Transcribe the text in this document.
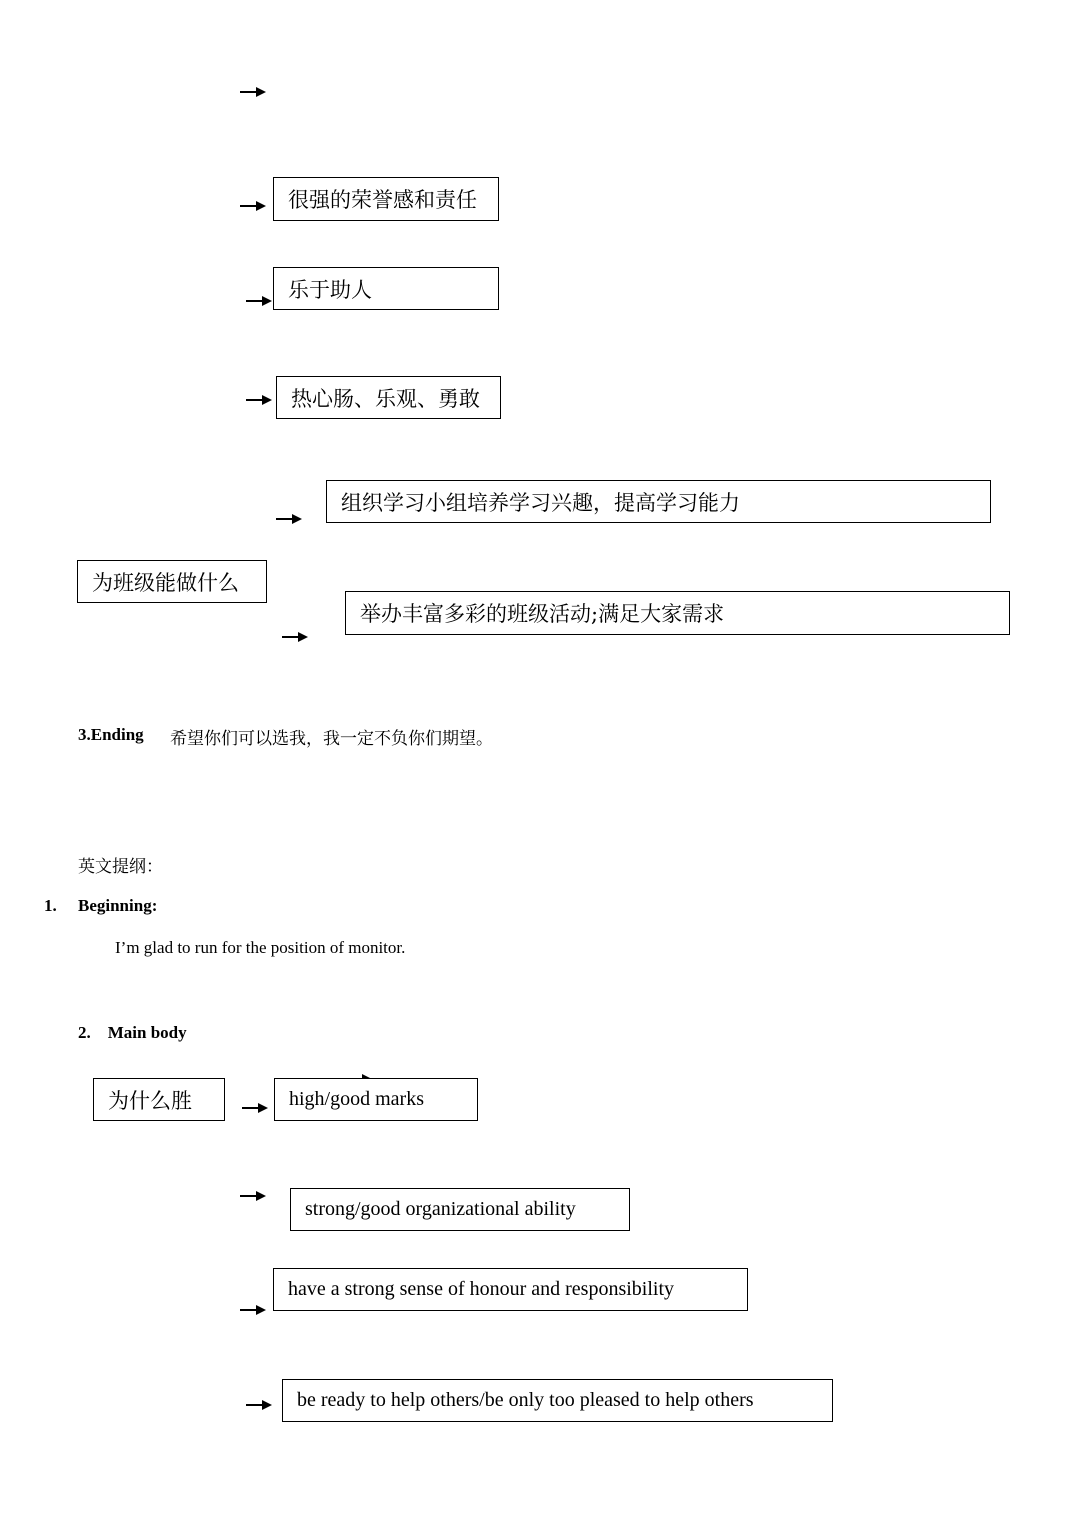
很强的荣誉感和责任
乐于助人
热心肠、乐观、勇敢
组织学习小组培养学习兴趣，提高学习能力
为班级能做什么
举办丰富多彩的班级活动;满足大家需求
3.Ending 希望你们可以选我，我一定不负你们期望。
英文提纲：
1. Beginning:
I’m glad to run for the position of monitor.
2.    Main body
为什么胜	high/good marks
strong/good organizational ability
have a strong sense of honour and responsibility
be ready to help others/be only too pleased to help others
